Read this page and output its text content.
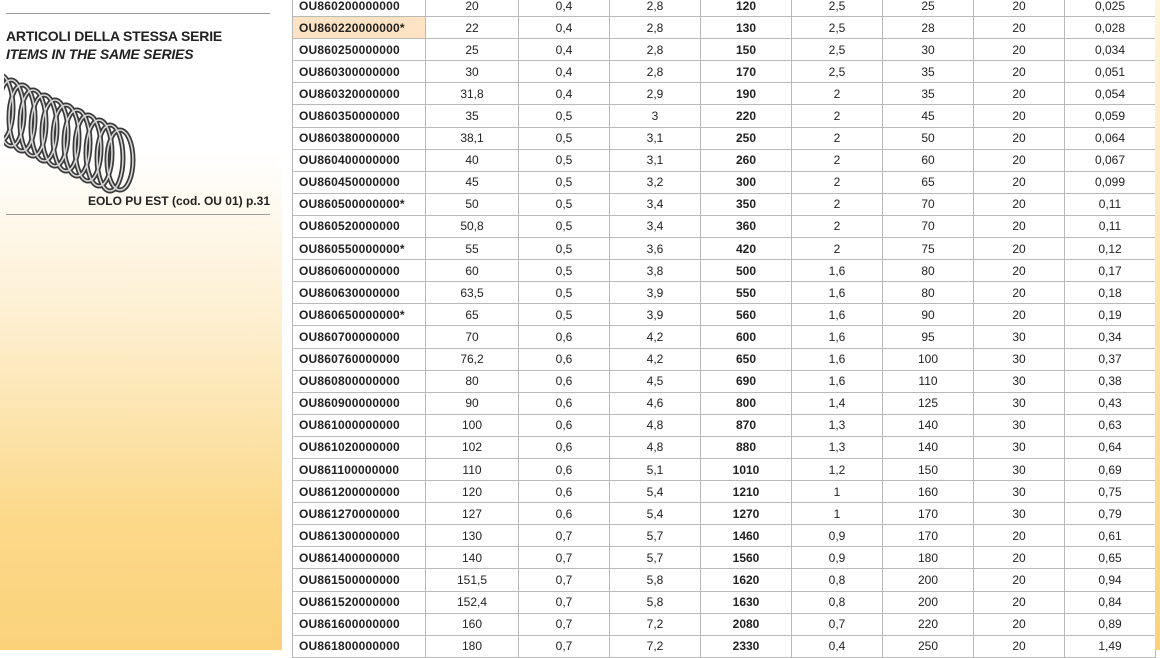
ARTICOLI DELLA STESSA SERIE
ITEMS IN THE SAME SERIES
EOLO PU EST (cod. OU 01) p.31
OU860200000000	20	0,4	2,8	120	2,5	25	20	0,025
OU860220000000*	22	0,4	2,8	130	2,5	28	20	0,028
OU860250000000	25	0,4	2,8	150	2,5	30	20	0,034
OU860300000000	30	0,4	2,8	170	2,5	35	20	0,051
OU860320000000	31,8	0,4	2,9	190	2	35	20	0,054
OU860350000000	35	0,5	3	220	2	45	20	0,059
OU860380000000	38,1	0,5	3,1	250	2	50	20	0,064
OU860400000000	40	0,5	3,1	260	2	60	20	0,067
OU860450000000	45	0,5	3,2	300	2	65	20	0,099
OU860500000000*	50	0,5	3,4	350	2	70	20	0,11
OU860520000000	50,8	0,5	3,4	360	2	70	20	0,11
OU860550000000*	55	0,5	3,6	420	2	75	20	0,12
OU860600000000	60	0,5	3,8	500	1,6	80	20	0,17
OU860630000000	63,5	0,5	3,9	550	1,6	80	20	0,18
OU860650000000*	65	0,5	3,9	560	1,6	90	20	0,19
OU860700000000	70	0,6	4,2	600	1,6	95	30	0,34
OU860760000000	76,2	0,6	4,2	650	1,6	100	30	0,37
OU860800000000	80	0,6	4,5	690	1,6	110	30	0,38
OU860900000000	90	0,6	4,6	800	1,4	125	30	0,43
OU861000000000	100	0,6	4,8	870	1,3	140	30	0,63
OU861020000000	102	0,6	4,8	880	1,3	140	30	0,64
OU861100000000	110	0,6	5,1	1010	1,2	150	30	0,69
OU861200000000	120	0,6	5,4	1210	1	160	30	0,75
OU861270000000	127	0,6	5,4	1270	1	170	30	0,79
OU861300000000	130	0,7	5,7	1460	0,9	170	20	0,61
OU861400000000	140	0,7	5,7	1560	0,9	180	20	0,65
OU861500000000	151,5	0,7	5,8	1620	0,8	200	20	0,94
OU861520000000	152,4	0,7	5,8	1630	0,8	200	20	0,84
OU861600000000	160	0,7	7,2	2080	0,7	220	20	0,89
OU861800000000	180	0,7	7,2	2330	0,4	250	20	1,49
